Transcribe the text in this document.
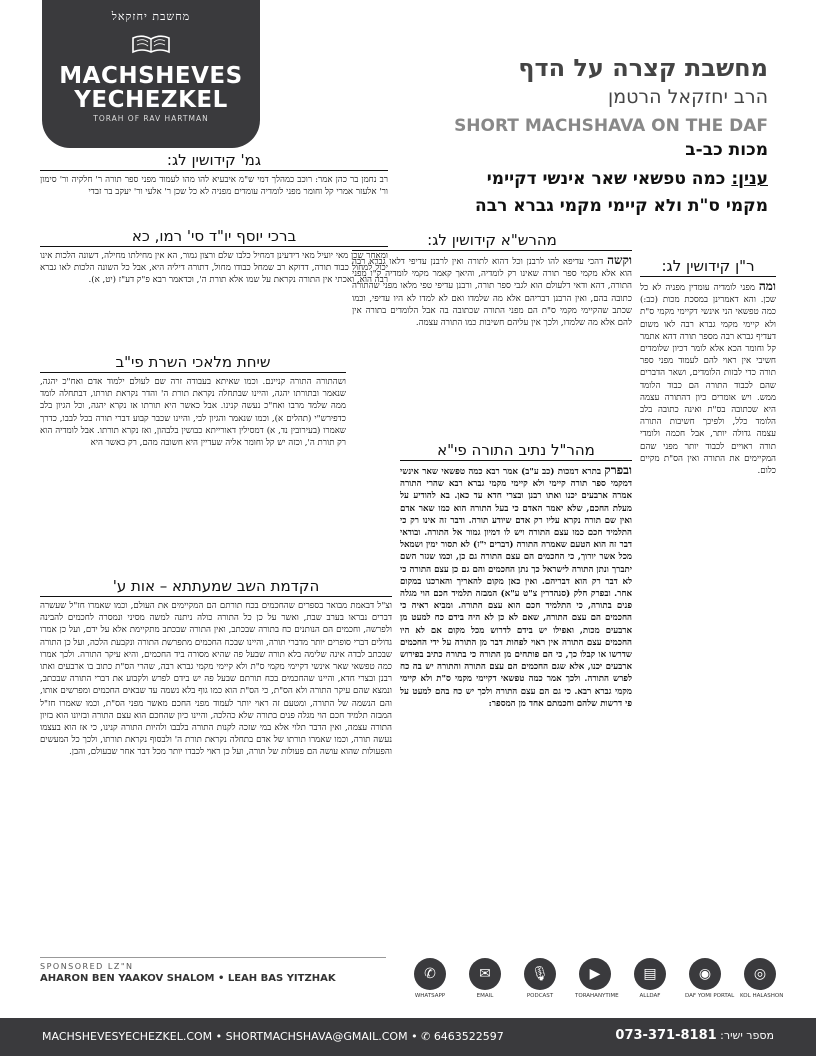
מחשבת יחזקאל
MACHSHEVES
YECHEZKEL
TORAH OF RAV HARTMAN
מחשבת קצרה על הדף
הרב יחזקאל הרטמן
SHORT MACHSHAVA ON THE DAF
מכות כב-ב
ענין: כמה טפשאי שאר אינשי דקיימי מקמי ס"ת ולא קיימי מקמי גברא רבה
גמ' קידושין לג:

רב נחמן בר כהן אמר: רוכב כמהלך דמי ש"מ איבעיא להו מהו לעמוד מפני ספר תורה ר' חלקיה ור' סימון ור' אלעזר אמרי קל וחומר מפני לומדיה עומדים מפניה לא כל שכן ר' אלעי ור' יעקב בר זבדי

ברכי יוסף יו"ד סי' רמו, כא

ומאחר שכן מאי יועיל מאי דידעינן דמחיל כלבו שלם ורצון גמור, הא אין מחילתו מחילה, דשונה הלכות אינו יכול למחול כבוד תורה, דדוקא רב שמחל כבודו מחול, דתורה דיליה היא, אבל כל השונה הלכות לאו גברא רבה הוא, ואכתי אין התורה נקראת על שמו אלא תורת ה', וכדאמר רבא פ"ק דע"ז (יט, א).

מהרש"א קידושין לג:

וקשה דהכי עדיפא להו לרבנן וכל דהוא לתורה ואין לרבנן עדיפי דלאו גברא רבה הוא אלא מקמי ספר תורה שאינו רק לומדיה, והיאך קאמר מקמי לומדיה ק"ו מפני התורה, דהא ודאי דלעולם הוא לגבי ספר תורה, ורבנן עדיפי טפי מלאו מפני שהתורה כתובה בהם, ואין הרבנן דבריהם אלא מה שלמדו ואם לא למדו לא היו עדיפי, וכמו שכתב שהקיימי מקמי ס"ת הם מפני התורה שכתובה בה אבל הלומדים בתורה אין להם אלא מה שלמדו, ולכך אין עליהם חשיבות כמו התורה עצמה.

ר"ן קידושין לג:

ומה מפני לומדיה עומדין מפניה לא כל שכן. והא דאמרינן במסכת מכות (כב:) כמה טפשאי הני אינשי דקיימי מקמי ס"ת ולא קיימי מקמי גברא רבה לאו משום דעדיף גברא רבה מספר תורה דהא אתמר קל וחומר הכא אלא לומר דכיון שלומדים חשיבי אין ראוי להם לעמוד מפני ספר תורה כדי לבזות הלומדים, ושאר הדברים שהם לכבוד התורה הם כבוד הלומד ממש. ויש אומרים כיון דהתורה עצמה היא שכתובה בס"ת ואינה כתובה בלב הלומד כלל, ולפיכך חשיבות התורה עצמה גדולה יותר, אבל חכמה ולומדי תורה ראויים לכבוד יותר מפני שהם המקיימים את התורה ואין הס"ת מקיים כלום.

שיחת מלאכי השרת פי"ב

ושהתורה התורה קניינם. וכמו שאיתא בעבודה זרה שם לעולם ילמוד אדם ואח"כ יהגה, שנאמר ובתורתו יהגה, והיינו שבתחלה נקראת תורת ה' והדר נקראת תורתו, דבתחלה לומד ממה שלמד מרבו ואח"כ נעשה קנינו. אבל כאשר היא תורתו אז נקרא יהגה, וכל הגיון בלב כדפירש"י (תהלים א), וכמו שנאמר והגיון לבי, והיינו שכבר קבוע דברי תורה בכל לבבו, כדרך שאמרו (בעירובין נד, א) דמסילין דאורייתא כבושין בלבהון, ואז נקרא תורתו. אבל לומדיה הוא רק תורת ה', וכזה יש קל וחומר אליה שעדיין היא חשובה מהם, רק כאשר היא	מהר"ל נתיב התורה פי"א

ובפרק בתרא דמכות (כב ע"ב) אמר רבא כמה טפשאי שאר אינשי דמקמי ספר תורה קיימי ולא קיימי מקמי גברא רבא שהרי התורה אמרה ארבעים יכנו ואתו רבנן ובצרי חדא עד כאן. בא להודיע על מעלת החכם, שלא יאמר האדם כי בעל התורה הוא כמו שאר אדם ואין שם תורה נקרא עליו רק אדם שיודע תורה. ודבר זה אינו רק כי התלמיד חכם כמו עצם התורה ויש לו דמיון גמור אל התורה. ובודאי דבר זה הוא הטעם שאמרה התורה (דברים י"ז) לא תסור ימין ושמאל מכל אשר יורוך, כי החכמים הם עצם התורה גם כן, וכמו שגזר השם יתברך ונתן התורה לישראל כך נתן החכמים והם גם כן עצם התורה כי לא דבר רק הוא דבריהם. ואין כאן מקום להאריך והארכנו במקום אחר. ובפרק חלק (סנהדרין צ"ט ע"א) המבזה תלמיד חכם הוי מגלה פנים בתורה, כי התלמיד חכם הוא עצם התורה. ומביא ראיה כי החכמים הם עצם התורה, שאם לא כן לא היה בידם כח למעט מן ארבעים מכות, ואפילו יש בידם לדרוש מכל מקום אם לא היו החכמים עצם התורה אין ראוי לפחות דבר מן התורה על ידי החכמים שדרשו או קבלו כך, כי הם פותחים מן התורה כי בתורה כתיב בפירוש ארבעים יכנו, אלא שגם החכמים הם עצם התורה והתורה יש בה כח לפרש התורה. ולכך אמר כמה טפשאי דקיימי מקמי ס"ת ולא קיימי מקמי גברא רבא. כי גם הם עצם התורה ולכך יש כח בהם למעט על פי דרשות שלהם וחכמתם אחד מן המספר:

הקדמת השב שמעתתא – אות ע'

וצ"ל דבאמת מבואר בספרים שהחכמים בכח תורתם הם המקיימים את העולם, וכמו שאמרו חז"ל שעשרה דברים נבראו בערב שבת, ואשר על כן כל התורה כולה ניתנה למשה מסיני ונמסרה לחכמים להבינה ולפרשה, וחכמים הם הנותנים כח בתורה שבכתב, ואין התורה שבכתב מתקיימת אלא על ידם, ועל כן אמרו גדולים דברי סופרים יותר מדברי תורה, והיינו שבכח החכמים מתפרשת התורה ונקבעת הלכה, ועל כן התורה שבכתב לבדה אינה שלימה בלא תורה שבעל פה שהיא מסורה ביד החכמים, והיא עיקר התורה. ולכך אמרו כמה טפשאי שאר אינשי דקיימי מקמי ס"ת ולא קיימי מקמי גברא רבה, שהרי הס"ת כתוב בו ארבעים ואתו רבנן ובצרי חדא, והיינו שהחכמים בכח תורתם שבעל פה יש בידם לפרש ולקבוע את דברי התורה שבכתב, ונמצא שהם עיקר התורה ולא הס"ת, כי הס"ת הוא כמו גוף בלא נשמה עד שבאים החכמים ומפרשים אותו, והם הנשמה של התורה, ומטעם זה ראוי יותר לעמוד מפני החכם מאשר מפני הס"ת, וכמו שאמרו חז"ל המבזה תלמיד חכם הוי מגלה פנים בתורה שלא כהלכה, והיינו כיון שהחכם הוא עצם התורה ובזיונו הוא בזיון התורה עצמה, ואין הדבר תלוי אלא במי שזכה לקנות התורה בלבבו ולהיות התורה קנינו, כי אז הוא בעצמו נעשה תורה, וכמו שאמרו תורתו של אדם בתחלה נקראת תורת ה' ולבסוף נקראת תורתו, ולכך כל המעשים והפעולות שהוא עושה הם פעולות של תורה, ועל כן ראוי לכבדו יותר מכל דבר אחר שבעולם, והבן.

SPONSORED LZ"N
AHARON BEN YAAKOV SHALOM • LEAH BAS YITZHAK	✆
WHATSAPP
✉
EMAIL
🎙
PODCAST
▶
TORAHANYTIME
▤
ALLDAF
◉
DAF YOMI PORTAL
◎
KOL HALASHON
MACHSHEVESYECHEZKEL.COM • SHORTMACHSHAVA@GMAIL.COM • ✆ 6463522597	מספר ישיר: 073-371-8181
